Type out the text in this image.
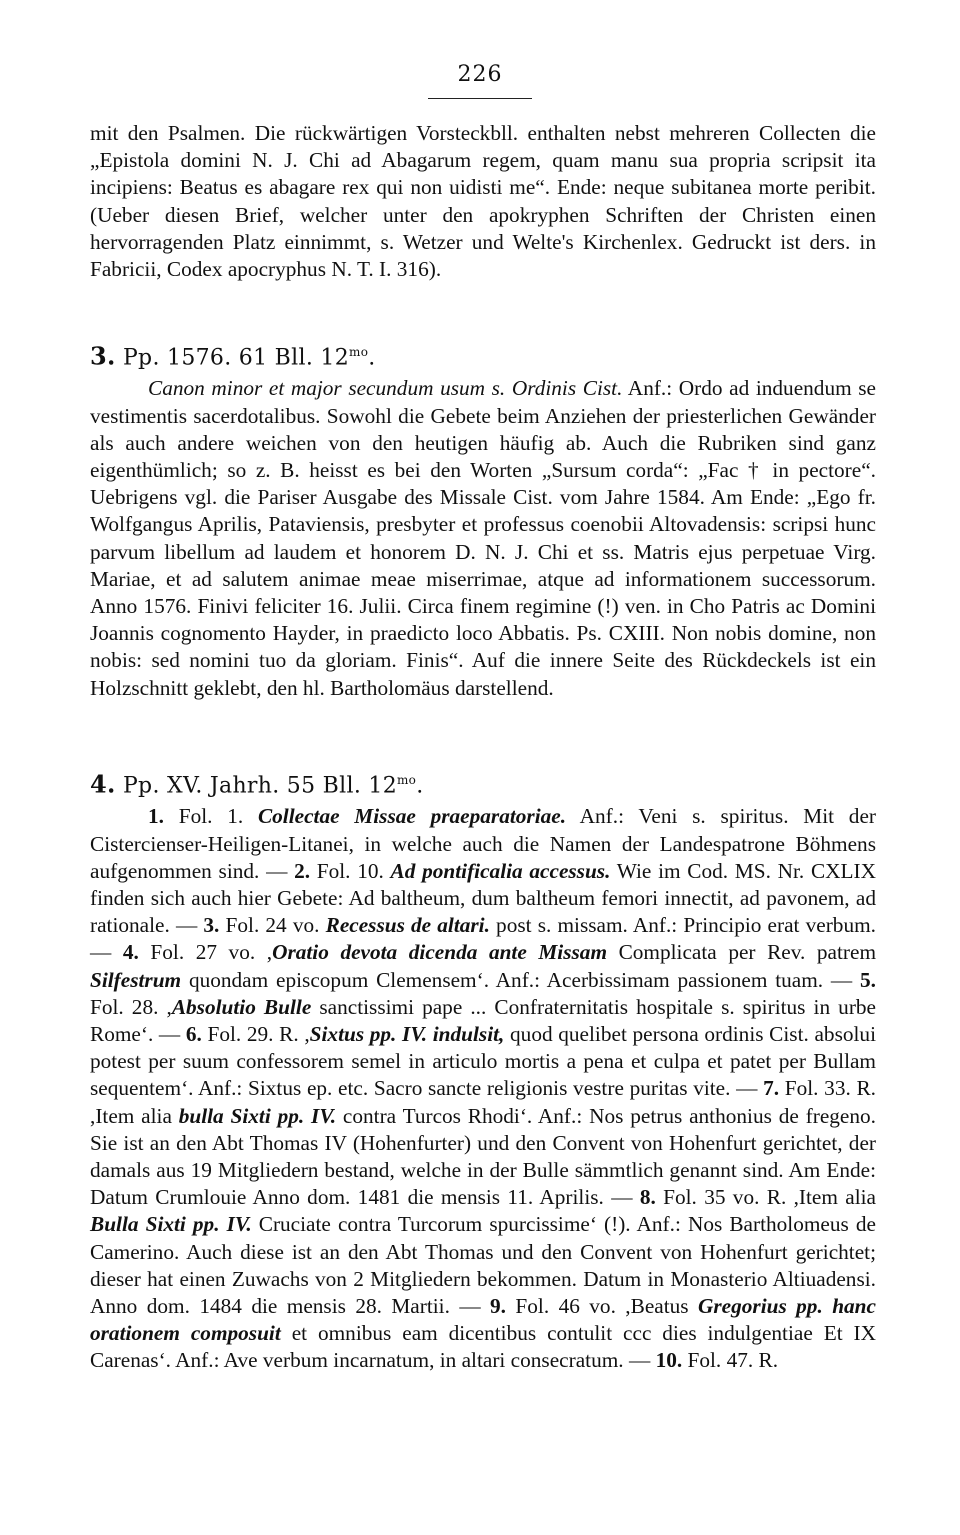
226

mit den Psalmen. Die rückwärtigen Vorsteckbll. enthalten nebst mehreren Collecten die „Epistola domini N. J. Chi ad Abagarum regem, quam manu sua propria scripsit ita incipiens: Beatus es abagare rex qui non uidisti me“. Ende: neque subitanea morte peribit. (Ueber diesen Brief, welcher unter den apokryphen Schriften der Christen einen hervorragenden Platz einnimmt, s. Wetzer und Welte's Kirchenlex. Gedruckt ist ders. in Fabricii, Codex apocryphus N. T. I. 316).

3. Pp. 1576. 61 Bll. $12^{mo}$.

Canon minor et major secundum usum s. Ordinis Cist. Anf.: Ordo ad induendum se vestimentis sacerdotalibus. Sowohl die Gebete beim Anziehen der priesterlichen Gewänder als auch andere weichen von den heutigen häufig ab. Auch die Rubriken sind ganz eigenthümlich; so z. B. heisst es bei den Worten „Sursum corda“: „Fac † in pectore“. Uebrigens vgl. die Pariser Ausgabe des Missale Cist. vom Jahre 1584. Am Ende: „Ego fr. Wolfgangus Aprilis, Pataviensis, presbyter et professus coenobii Altovadensis: scripsi hunc parvum libellum ad laudem et honorem D. N. J. Chi et ss. Matris ejus perpetuae Virg. Mariae, et ad salutem animae meae miserrimae, atque ad informationem successorum. Anno 1576. Finivi feliciter 16. Julii. Circa finem regimine (!) ven. in Cho Patris ac Domini Joannis cognomento Hayder, in praedicto loco Abbatis. Ps. CXIII. Non nobis domine, non nobis: sed nomini tuo da gloriam. Finis“. Auf die innere Seite des Rückdeckels ist ein Holzschnitt geklebt, den hl. Bartholomäus darstellend.

4. Pp. XV. Jahrh. 55 Bll. $12^{mo}$.

1. Fol. 1. Collectae Missae praeparatoriae. Anf.: Veni s. spiritus. Mit der Cistercienser-Heiligen-Litanei, in welche auch die Namen der Landespatrone Böhmens aufgenommen sind. — 2. Fol. 10. Ad pontificalia accessus. Wie im Cod. MS. Nr. CXLIX finden sich auch hier Gebete: Ad baltheum, dum baltheum femori innectit, ad pavonem, ad rationale. — 3. Fol. 24 vo. Recessus de altari. post s. missam. Anf.: Principio erat verbum. — 4. Fol. 27 vo. ,Oratio devota dicenda ante Missam Complicata per Rev. patrem Silfestrum quondam episcopum Clemensem‘. Anf.: Acerbissimam passionem tuam. — 5. Fol. 28. ,Absolutio Bulle sanctissimi pape ... Confraternitatis hospitale s. spiritus in urbe Rome‘. — 6. Fol. 29. R. ,Sixtus pp. IV. indulsit, quod quelibet persona ordinis Cist. absolui potest per suum confessorem semel in articulo mortis a pena et culpa et patet per Bullam sequentem‘. Anf.: Sixtus ep. etc. Sacro sancte religionis vestre puritas vite. — 7. Fol. 33. R. ,Item alia bulla Sixti pp. IV. contra Turcos Rhodi‘. Anf.: Nos petrus anthonius de fregeno. Sie ist an den Abt Thomas IV (Hohenfurter) und den Convent von Hohenfurt gerichtet, der damals aus 19 Mitgliedern bestand, welche in der Bulle sämmtlich genannt sind. Am Ende: Datum Crumlouie Anno dom. 1481 die mensis 11. Aprilis. — 8. Fol. 35 vo. R. ,Item alia Bulla Sixti pp. IV. Cruciate contra Turcorum spurcissime‘ (!). Anf.: Nos Bartholomeus de Camerino. Auch diese ist an den Abt Thomas und den Convent von Hohenfurt gerichtet; dieser hat einen Zuwachs von 2 Mitgliedern bekommen. Datum in Monasterio Altiuadensi. Anno dom. 1484 die mensis 28. Martii. — 9. Fol. 46 vo. ,Beatus Gregorius pp. hanc orationem composuit et omnibus eam dicentibus contulit ccc dies indulgentiae Et IX Carenas‘. Anf.: Ave verbum incarnatum, in altari consecratum. — 10. Fol. 47. R.
